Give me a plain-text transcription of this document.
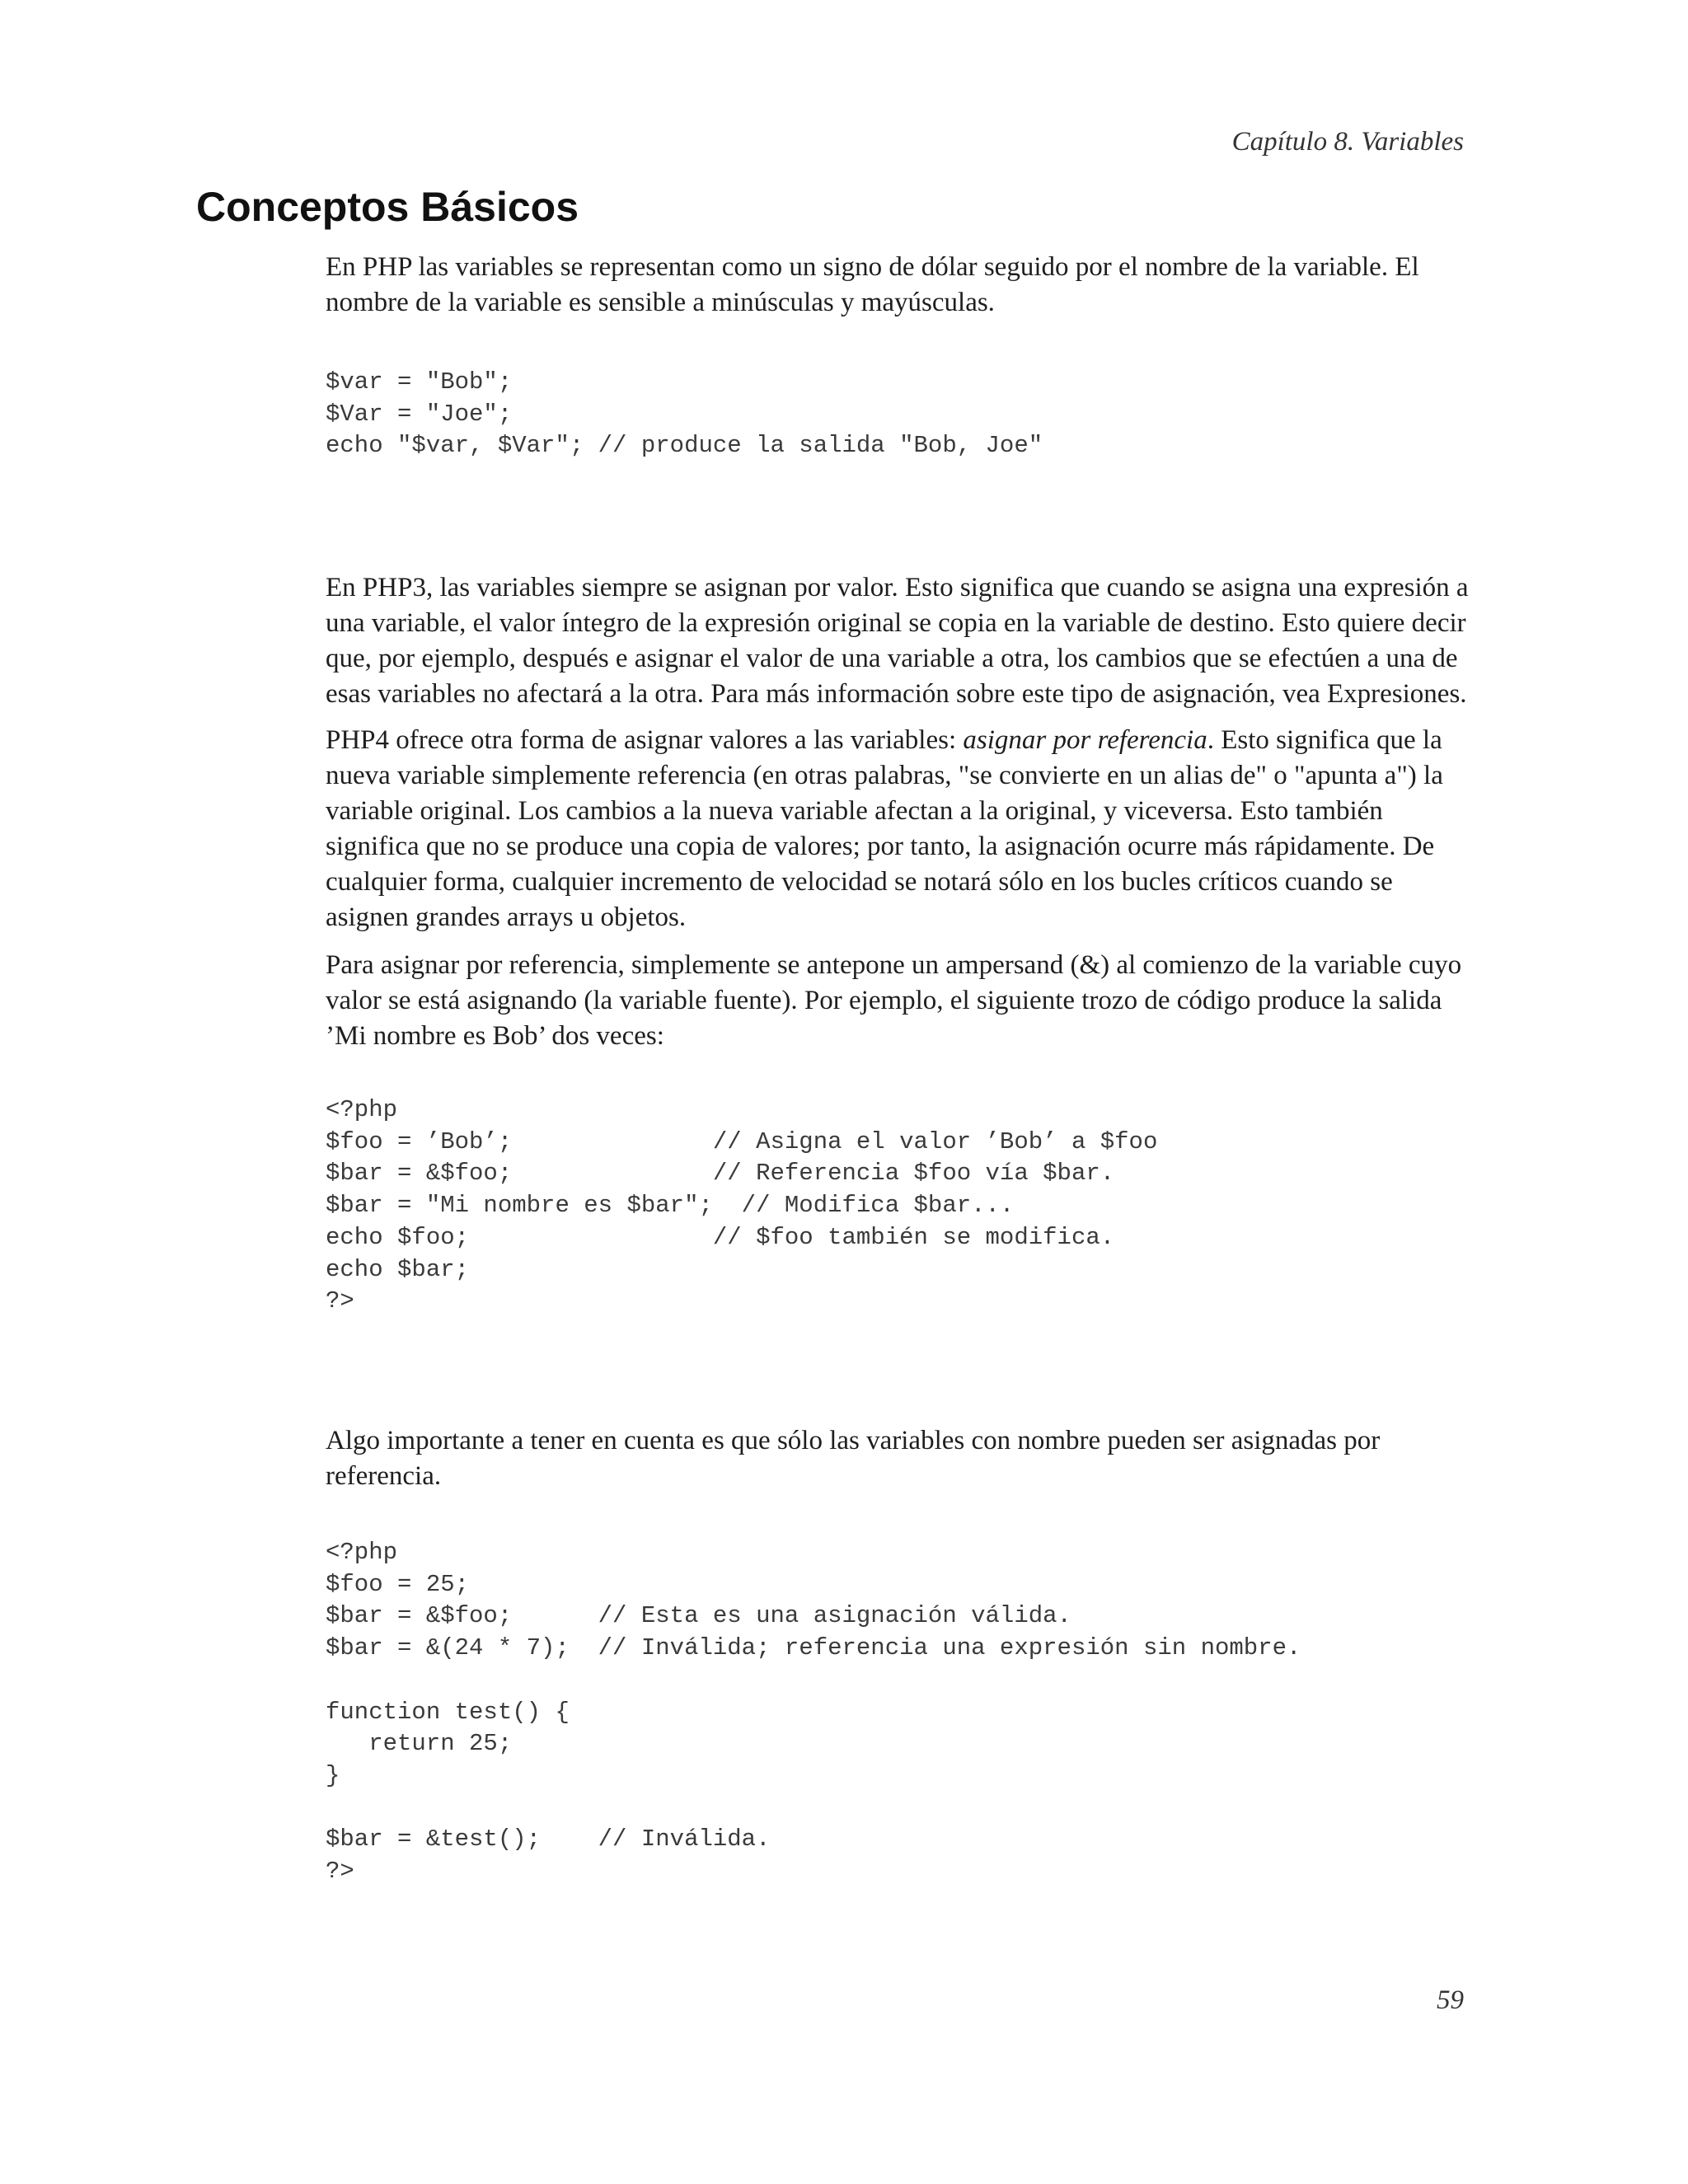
Capítulo 8. Variables
Conceptos Básicos

En PHP las variables se representan como un signo de dólar seguido por el nombre de la variable. El nombre de la variable es sensible a minúsculas y mayúsculas.

$var = "Bob";
$Var = "Joe";
echo "$var, $Var"; // produce la salida "Bob, Joe"

En PHP3, las variables siempre se asignan por valor. Esto significa que cuando se asigna una expresión a una variable, el valor íntegro de la expresión original se copia en la variable de destino. Esto quiere decir que, por ejemplo, después e asignar el valor de una variable a otra, los cambios que se efectúen a una de esas variables no afectará a la otra. Para más información sobre este tipo de asignación, vea Expresiones.

PHP4 ofrece otra forma de asignar valores a las variables: asignar por referencia. Esto significa que la nueva variable simplemente referencia (en otras palabras, "se convierte en un alias de" o "apunta a") la variable original. Los cambios a la nueva variable afectan a la original, y viceversa. Esto también significa que no se produce una copia de valores; por tanto, la asignación ocurre más rápidamente. De cualquier forma, cualquier incremento de velocidad se notará sólo en los bucles críticos cuando se asignen grandes arrays u objetos.

Para asignar por referencia, simplemente se antepone un ampersand (&) al comienzo de la variable cuyo valor se está asignando (la variable fuente). Por ejemplo, el siguiente trozo de código produce la salida ’Mi nombre es Bob’ dos veces:

<?php
$foo = ’Bob’;              // Asigna el valor ’Bob’ a $foo
$bar = &$foo;              // Referencia $foo vía $bar.
$bar = "Mi nombre es $bar";  // Modifica $bar...
echo $foo;                 // $foo también se modifica.
echo $bar;
?>

Algo importante a tener en cuenta es que sólo las variables con nombre pueden ser asignadas por referencia.

<?php
$foo = 25;
$bar = &$foo;      // Esta es una asignación válida.
$bar = &(24 * 7);  // Inválida; referencia una expresión sin nombre.

function test() {
return 25;
}

$bar = &test();    // Inválida.
?>
59
